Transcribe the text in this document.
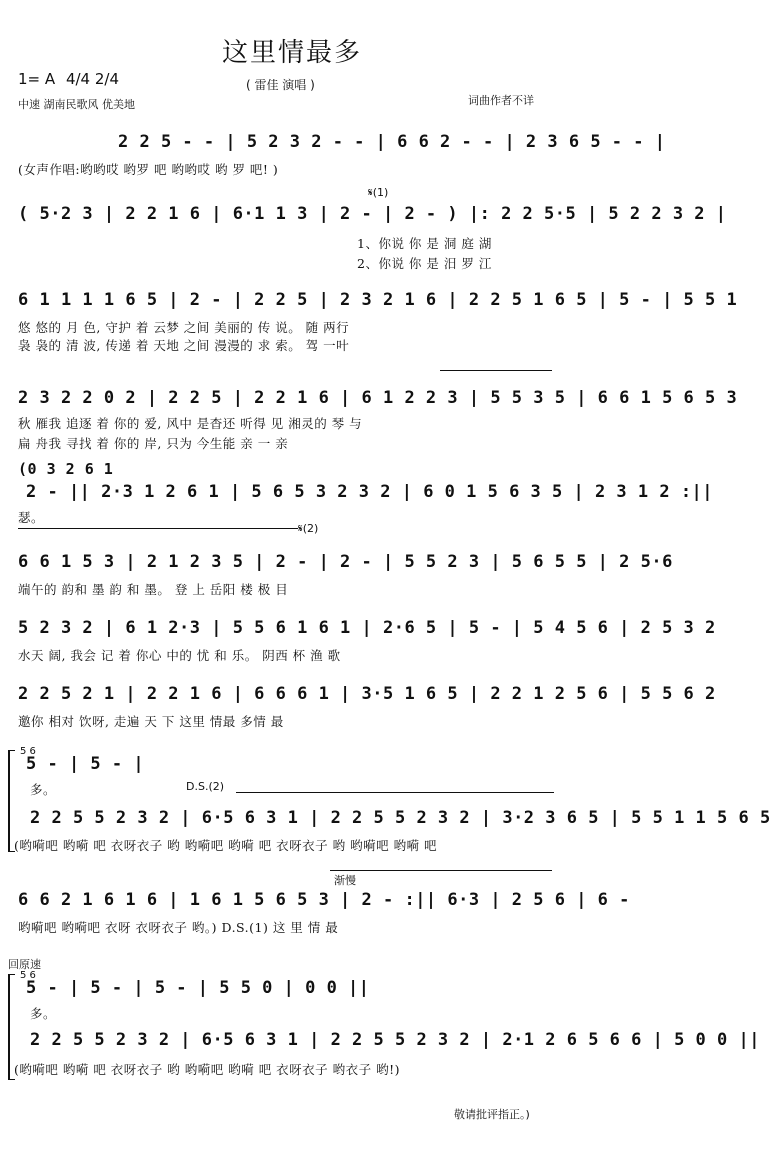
这里情最多
1= A 4/4 2/4
中速 湖南民歌风 优美地
( 雷佳 演唱 )
词曲作者不详
2 2 5 - - | 5 2 3 2 - - | 6 6 2 - - | 2 3 6 5 - - |
(女声作唱:哟哟哎 哟罗 吧 哟哟哎 哟 罗 吧! )
𝄋(1)
( 5·2 3 | 2 2 1 6 | 6·1 1 3 | 2 - | 2 - ) |: 2 2 5·5 | 5 2 2 3 2 |
1、你说 你 是 洞 庭 湖
2、你说 你 是 汨 罗 江
6 1 1 1 1 6 5 | 2 - | 2 2 5 | 2 3 2 1 6 | 2 2 5 1 6 5 | 5 - | 5 5 1
悠 悠的 月 色, 守护 着 云梦 之间 美丽的 传 说。 随 两行
袅 袅的 清 波, 传递 着 天地 之间 漫漫的 求 索。 驾 一叶
2 3 2 2 0 2 | 2 2 5 | 2 2 1 6 | 6 1 2 2 3 | 5 5 3 5 | 6 6 1 5 6 5 3
秋 雁我 追逐 着 你的 爱, 风中 是杳还 听得 见 湘灵的 琴 与
扁 舟我 寻找 着 你的 岸, 只为 今生能 亲 一 亲
(0 3 2 6 1
2 - || 2·3 1 2 6 1 | 5 6 5 3 2 3 2 | 6 0 1 5 6 3 5 | 2 3 1 2 :||
瑟。
𝄋(2)
6 6 1 5 3 | 2 1 2 3 5 | 2 - | 2 - | 5 5 2 3 | 5 6 5 5 | 2 5·6
端午的 韵和 墨 韵 和 墨。 登 上 岳阳 楼 极 目
5 2 3 2 | 6 1 2·3 | 5 5 6 1 6 1 | 2·6 5 | 5 - | 5 4 5 6 | 2 5 3 2
水天 阔, 我会 记 着 你心 中的 忧 和 乐。 阴西 杯 渔 歌
2 2 5 2 1 | 2 2 1 6 | 6 6 6 1 | 3·5 1 6 5 | 2 2 1 2 5 6 | 5 5 6 2
邀你 相对 饮呀, 走遍 天 下 这里 情最 多情 最
5 6
5 - | 5 - |
D.S.(2)
多。
2 2 5 5 2 3 2 | 6·5 6 3 1 | 2 2 5 5 2 3 2 | 3·2 3 6 5 | 5 5 1 1 5 6 5
(哟嗬吧 哟嗬 吧 衣呀衣子 哟 哟嗬吧 哟嗬 吧 衣呀衣子 哟 哟嗬吧 哟嗬 吧
渐慢
6 6 2 1 6 1 6 | 1 6 1 5 6 5 3 | 2 - :|| 6·3 | 2 5 6 | 6 -
哟嗬吧 哟嗬吧 衣呀 衣呀衣子 哟。) D.S.(1) 这 里 情 最
回原速
5 6
5 - | 5 - | 5 - | 5 5 0 | 0 0 ||
多。
2 2 5 5 2 3 2 | 6·5 6 3 1 | 2 2 5 5 2 3 2 | 2·1 2 6 5 6 6 | 5 0 0 ||
(哟嗬吧 哟嗬 吧 衣呀衣子 哟 哟嗬吧 哟嗬 吧 衣呀衣子 哟衣子 哟!)
敬请批评指正。)
